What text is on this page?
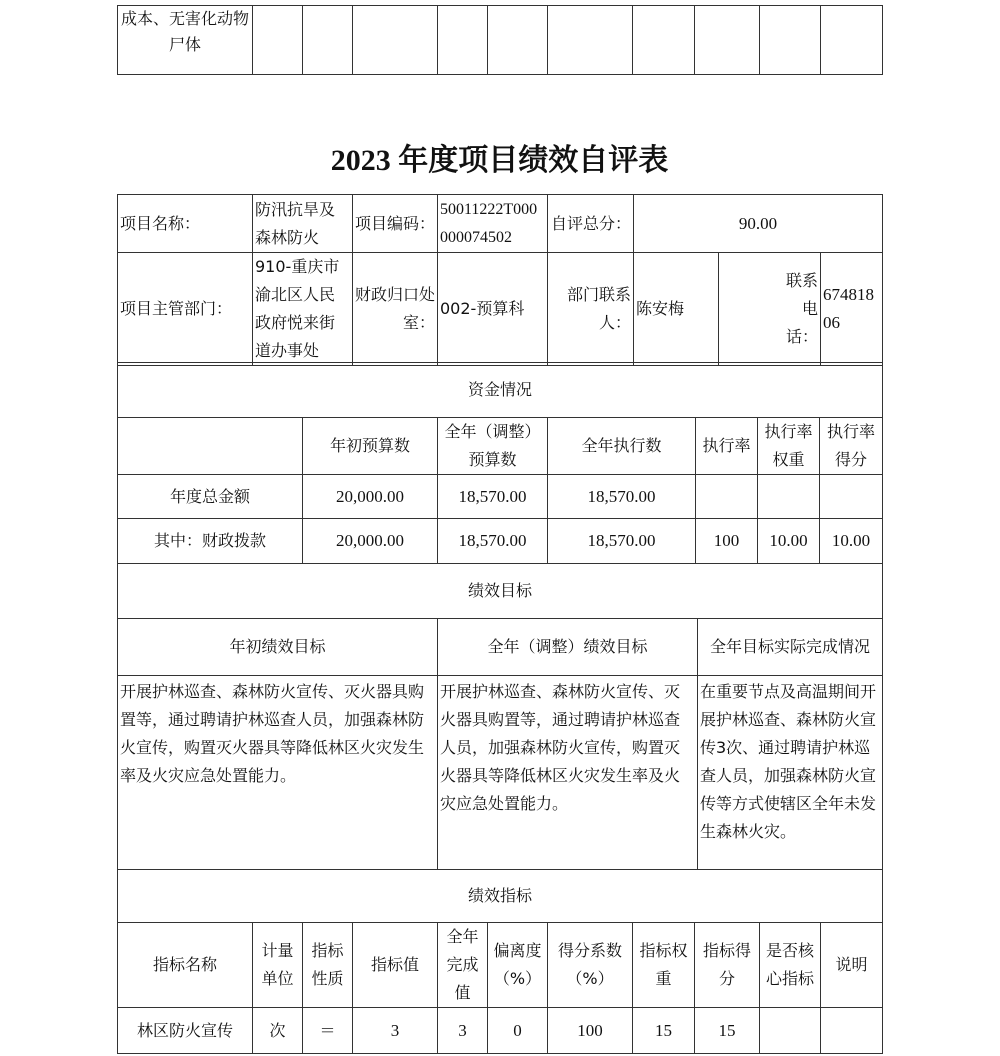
成本、无害化动物尸体										
2023 年度项目绩效自评表
项目名称：	防汛抗旱及森林防火	项目编码：	50011222T000000074502	自评总分：	90.00		
项目主管部门：	910-重庆市渝北区人民政府悦来街道办事处	财政归口处室：	002-预算科	部门联系人：	陈安梅	联系电话：	67481806
资金情况						
	年初预算数	全年（调整）预算数	全年执行数	执行率	执行率权重	执行率得分
年度总金额	20,000.00	18,570.00	18,570.00			
其中：财政拨款	20,000.00	18,570.00	18,570.00	100	10.00	10.00
绩效目标		
年初绩效目标	全年（调整）绩效目标	全年目标实际完成情况
开展护林巡查、森林防火宣传、灭火器具购置等，通过聘请护林巡查人员，加强森林防火宣传，购置灭火器具等降低林区火灾发生率及火灾应急处置能力。	开展护林巡查、森林防火宣传、灭火器具购置等，通过聘请护林巡查人员，加强森林防火宣传，购置灭火器具等降低林区火灾发生率及火灾应急处置能力。	在重要节点及高温期间开展护林巡查、森林防火宣传3次、通过聘请护林巡查人员，加强森林防火宣传等方式使辖区全年未发生森林火灾。
绩效指标										
指标名称	计量单位	指标性质	指标值	全年完成值	偏离度（%）	得分系数（%）	指标权重	指标得分	是否核心指标	说明
林区防火宣传	次	＝	3	3	0	100	15	15		
